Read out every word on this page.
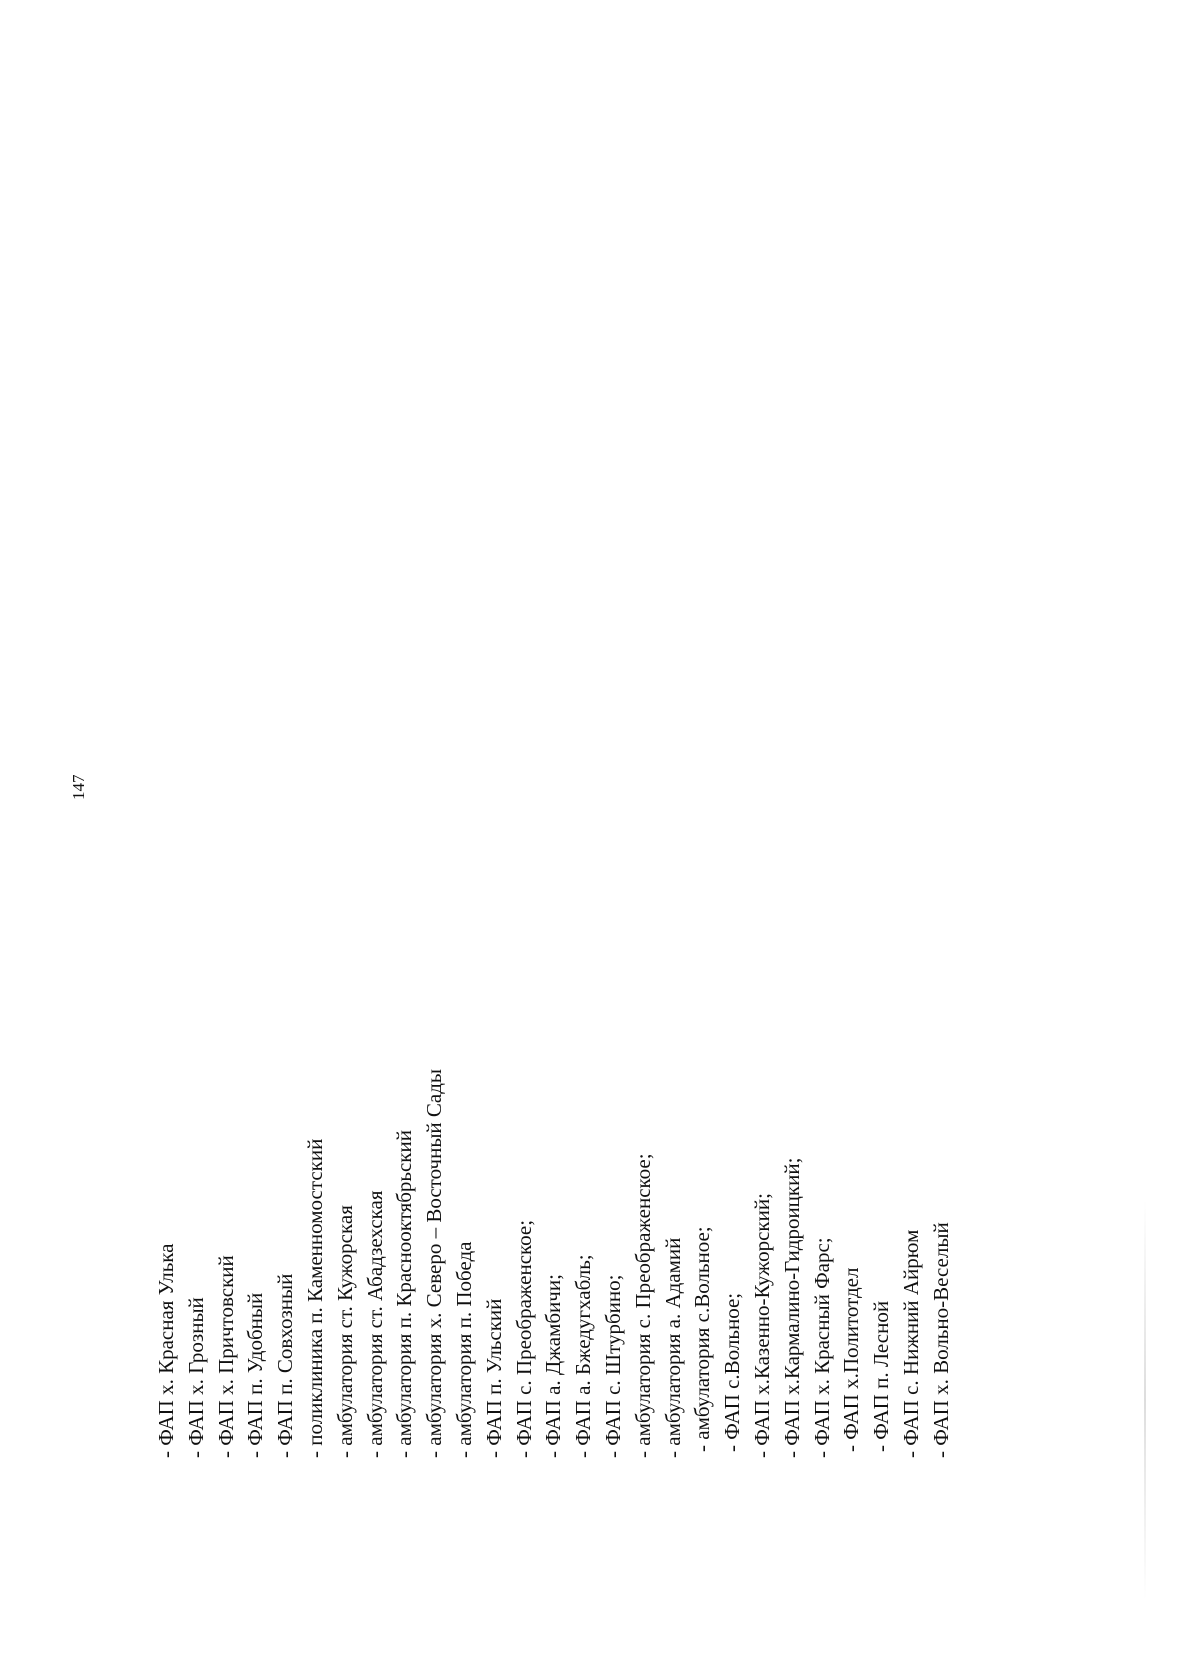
147
- ФАП х. Красная Улька - ФАП х. Грозный - ФАП х. Причтовский - ФАП п. Удобный - ФАП п. Совхозный - поликлиника п. Каменномостский - амбулатория ст. Кужорская - амбулатория ст. Абадзехская - амбулатория п. Краснооктябрьский - амбулатория х. Северо – Восточный Сады - амбулатория п. Победа - ФАП п. Ульский - ФАП с. Преображенское; - ФАП а. Джамбичи; - ФАП а. Бжедугхабль; - ФАП с. Штурбино; - амбулатория с. Преображенское; - амбулатория а. Адамий - амбулатория с.Вольное; - ФАП с.Вольное; - ФАП х.Казенно-Кужорский; - ФАП х.Кармалино-Гидроицкий; - ФАП х. Красный Фарс; - ФАП х.Политотдел - ФАП п. Лесной - ФАП с. Нижний Айрюм - ФАП х. Вольно-Веселый
